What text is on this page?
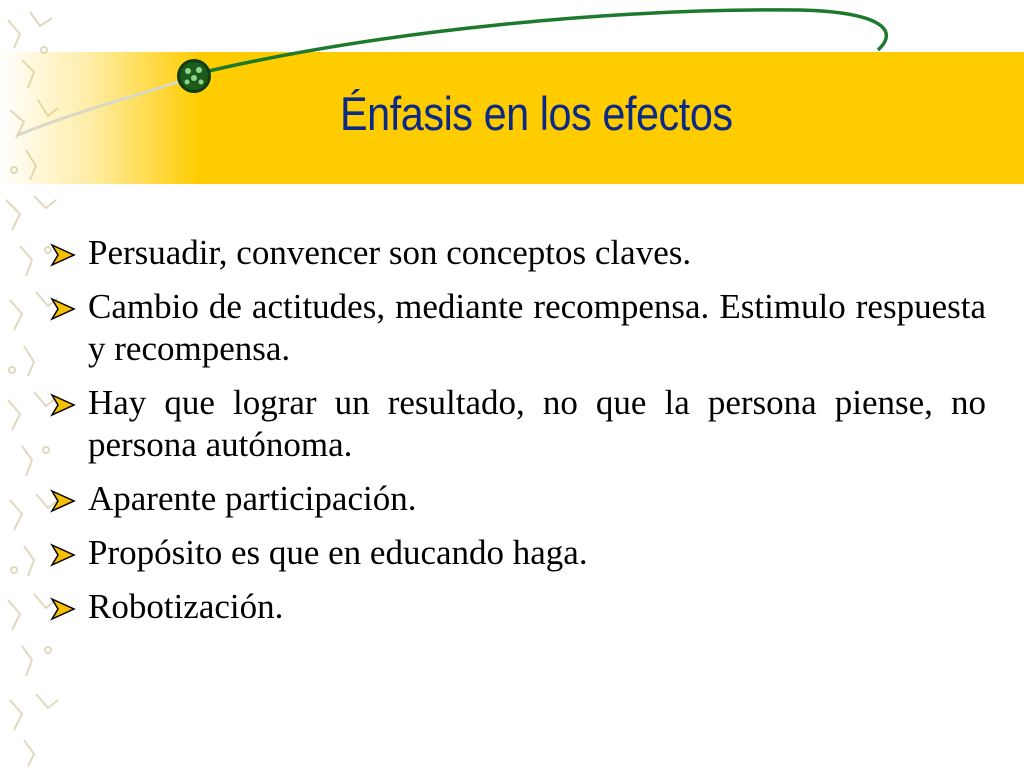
Énfasis en los efectos
Persuadir, convencer son conceptos claves.
Cambio de actitudes, mediante recompensa. Estimulo respuesta y recompensa.
Hay que lograr un resultado, no que la persona piense, no persona autónoma.
Aparente participación.
Propósito es que en educando haga.
Robotización.
